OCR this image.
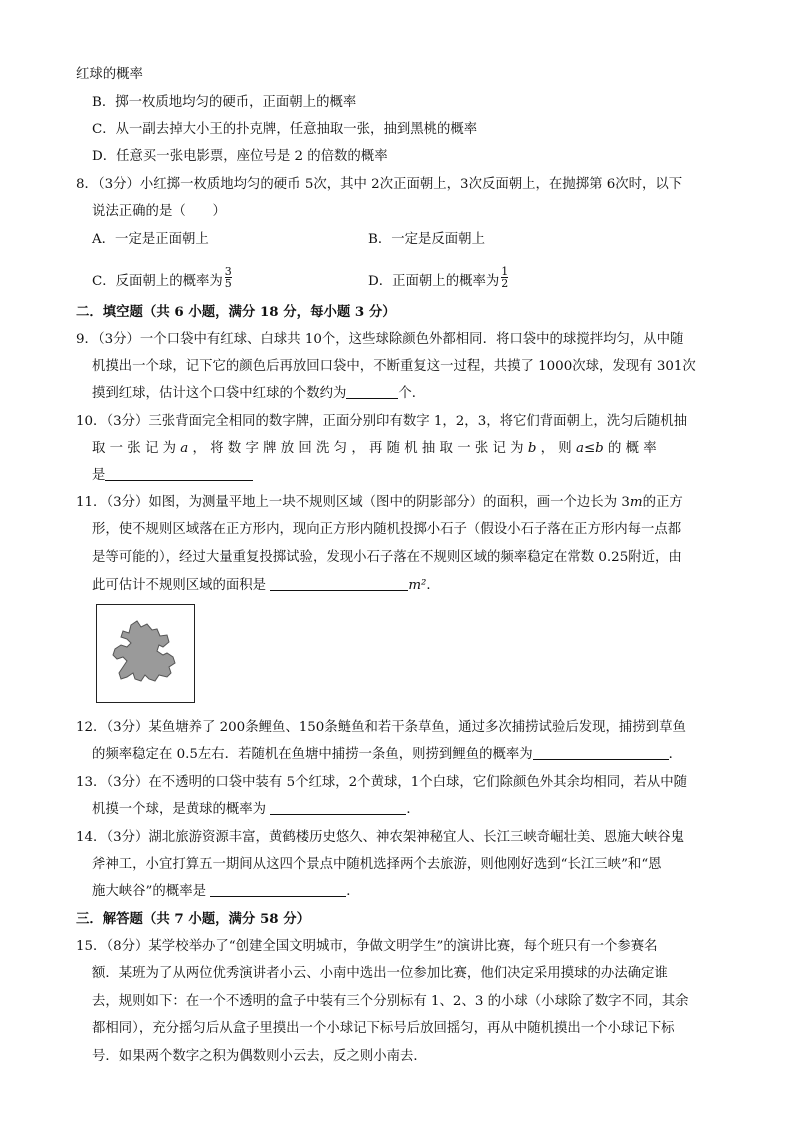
红球的概率
B．掷一枚质地均匀的硬币，正面朝上的概率
C．从一副去掉大小王的扑克牌，任意抽取一张，抽到黑桃的概率
D．任意买一张电影票，座位号是 2 的倍数的概率
8．（3分）小红掷一枚质地均匀的硬币 5次，其中 2次正面朝上，3次反面朝上，在抛掷第 6次时，以下
说法正确的是（　　）
A．一定是正面朝上	B．一定是反面朝上
C．反面朝上的概率为 $\frac{3}{5}$	D．正面朝上的概率为 $\frac{1}{2}$
二．填空题（共 6 小题，满分 18 分，每小题 3 分）
9．（3分）一个口袋中有红球、白球共 10个，这些球除颜色外都相同．将口袋中的球搅拌均匀，从中随
机摸出一个球，记下它的颜色后再放回口袋中，不断重复这一过程，共摸了 1000次球，发现有 301次
摸到红球，估计这个口袋中红球的个数约为	个．
10．（3分）三张背面完全相同的数字牌，正面分别印有数字 1，2，3，将它们背面朝上，洗匀后随机抽
取 一 张 记 为 a ， 将 数 字 牌 放 回 洗 匀 ， 再 随 机 抽 取 一 张 记 为 b ， 则 a≤b 的 概 率
是
11．（3分）如图，为测量平地上一块不规则区域（图中的阴影部分）的面积，画一个边长为 3m的正方
形，使不规则区域落在正方形内，现向正方形内随机投掷小石子（假设小石子落在正方形内每一点都
是等可能的），经过大量重复投掷试验，发现小石子落在不规则区域的频率稳定在常数 0.25附近，由
此可估计不规则区域的面积是	m²．
12．（3分）某鱼塘养了 200条鲤鱼、150条鲢鱼和若干条草鱼，通过多次捕捞试验后发现，捕捞到草鱼
的频率稳定在 0.5左右．若随机在鱼塘中捕捞一条鱼，则捞到鲤鱼的概率为	．
13．（3分）在不透明的口袋中装有 5个红球，2个黄球，1个白球，它们除颜色外其余均相同，若从中随
机摸一个球，是黄球的概率为	．
14．（3分）湖北旅游资源丰富，黄鹤楼历史悠久、神农架神秘宜人、长江三峡奇崛壮美、恩施大峡谷鬼
斧神工，小宜打算五一期间从这四个景点中随机选择两个去旅游，则他刚好选到“长江三峡”和“恩
施大峡谷”的概率是	．
三．解答题（共 7 小题，满分 58 分）
15．（8分）某学校举办了“创建全国文明城市，争做文明学生”的演讲比赛，每个班只有一个参赛名
额．某班为了从两位优秀演讲者小云、小南中选出一位参加比赛，他们决定采用摸球的办法确定谁
去，规则如下：在一个不透明的盒子中装有三个分别标有 1、2、3 的小球（小球除了数字不同，其余
都相同），充分摇匀后从盒子里摸出一个小球记下标号后放回摇匀，再从中随机摸出一个小球记下标
号．如果两个数字之积为偶数则小云去，反之则小南去．
